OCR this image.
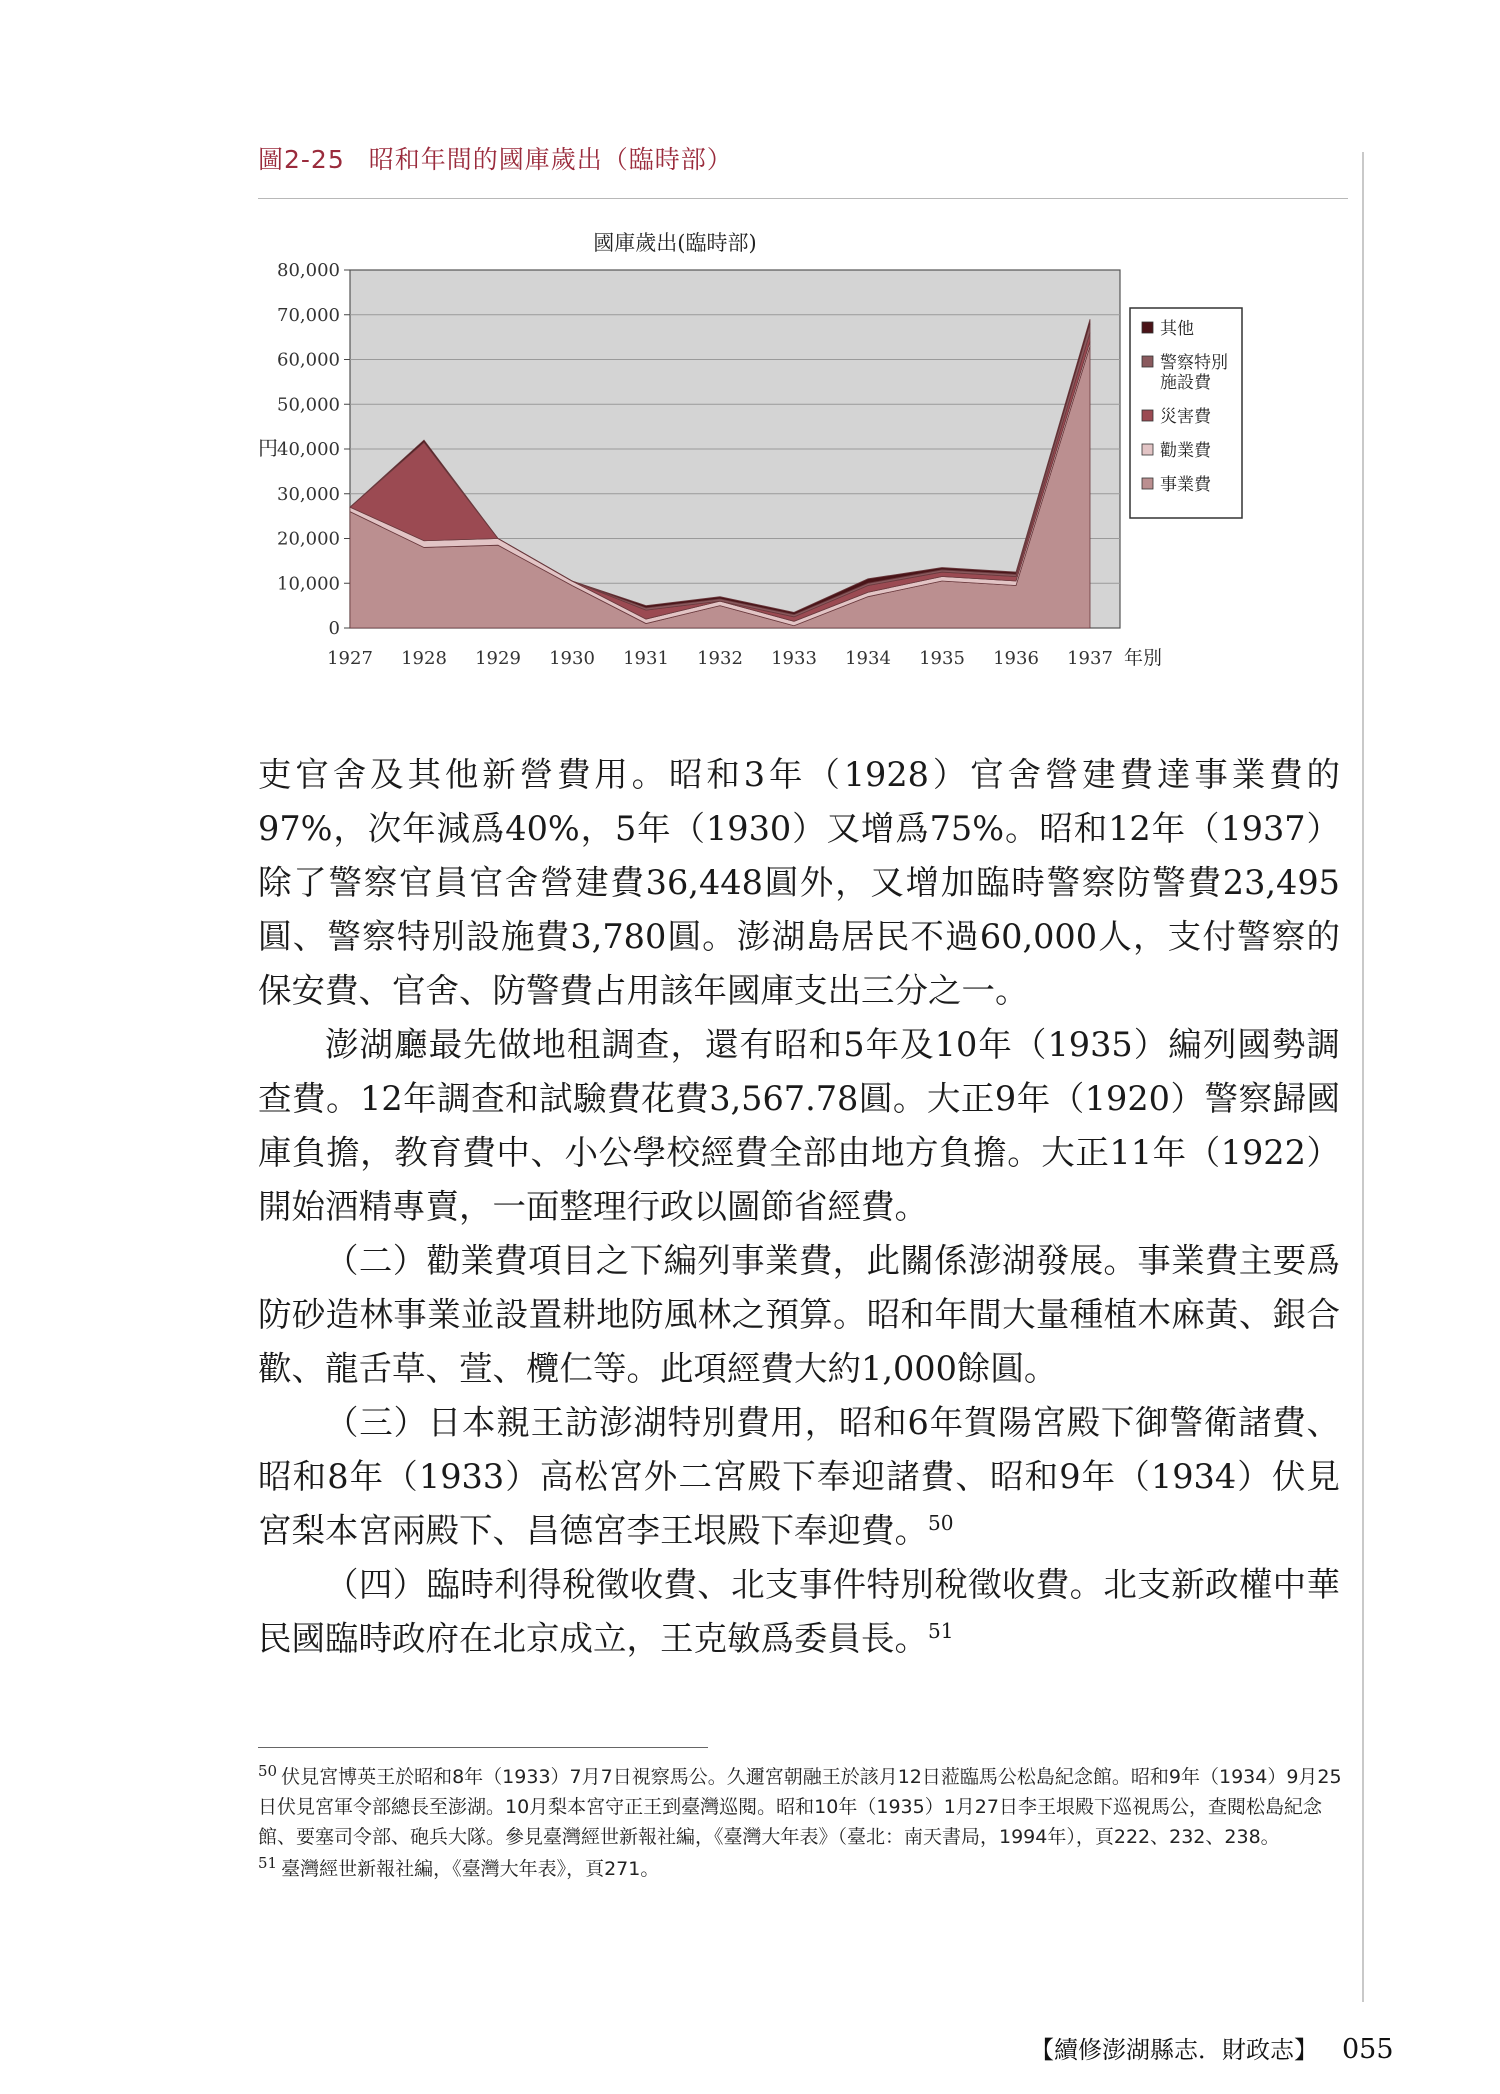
圖2-25 昭和年間的國庫歲出（臨時部）
國庫歲出(臨時部)
0
10,000
20,000
30,000
40,000
50,000
60,000
70,000
80,000
円
1927 1928 1929 1930 1931 1932 1933 1934 1935 1936 1937 年別
其他
警察特別施設費
災害費
勸業費
事業費

吏官舍及其他新營費用。昭和3年（1928）官舍營建費達事業費的97%，次年減爲40%，5年（1930）又增爲75%。昭和12年（1937）除了警察官員官舍營建費36,448圓外，又增加臨時警察防警費23,495圓、警察特別設施費3,780圓。澎湖島居民不過60,000人，支付警察的保安費、官舍、防警費占用該年國庫支出三分之一。

澎湖廳最先做地租調查，還有昭和5年及10年（1935）編列國勢調查費。12年調查和試驗費花費3,567.78圓。大正9年（1920）警察歸國庫負擔，教育費中、小公學校經費全部由地方負擔。大正11年（1922）開始酒精專賣，一面整理行政以圖節省經費。

（二）勸業費項目之下編列事業費，此關係澎湖發展。事業費主要爲防砂造林事業並設置耕地防風林之預算。昭和年間大量種植木麻黃、銀合歡、龍舌草、萱、欖仁等。此項經費大約1,000餘圓。

（三）日本親王訪澎湖特別費用，昭和6年賀陽宮殿下御警衛諸費、昭和8年（1933）高松宮外二宮殿下奉迎諸費、昭和9年（1934）伏見宮梨本宮兩殿下、昌德宮李王垠殿下奉迎費。$^{50}$

（四）臨時利得稅徵收費、北支事件特別稅徵收費。北支新政權中華民國臨時政府在北京成立，王克敏爲委員長。$^{51}$

$^{50}$ 伏見宮博英王於昭和8年（1933）7月7日視察馬公。久邇宮朝融王於該月12日蒞臨馬公松島紀念館。昭和9年（1934）9月25日伏見宮軍令部總長至澎湖。10月梨本宮守正王到臺灣巡閱。昭和10年（1935）1月27日李王垠殿下巡視馬公，查閱松島紀念館、要塞司令部、砲兵大隊。參見臺灣經世新報社編，《臺灣大年表》（臺北：南天書局，1994年），頁222、232、238。

$^{51}$ 臺灣經世新報社編，《臺灣大年表》，頁271。

【續修澎湖縣志．財政志】 055
